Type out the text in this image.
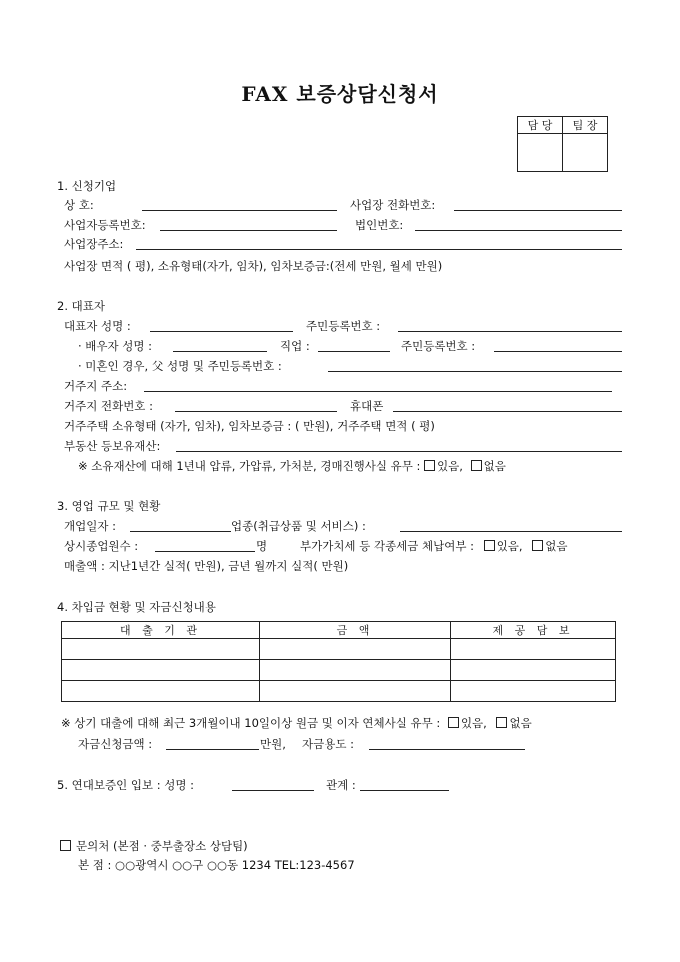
FAX 보증상담신청서
담 당	팀 장

1. 신청기업
상 호:	사업장 전화번호:
사업자등록번호:	법인번호:
사업장주소:
사업장 면적 ( 평), 소유형태(자가, 임차), 임차보증금:(전세 만원, 월세 만원)
2. 대표자
대표자 성명 :	주민등록번호 :
· 배우자 성명 :	직업 :	주민등록번호 :
· 미혼인 경우, 父 성명 및 주민등록번호 :
거주지 주소:
거주지 전화번호 :	휴대폰
거주주택 소유형태 (자가, 임차), 임차보증금 : ( 만원), 거주주택 면적 ( 평)
부동산 등보유재산:
※ 소유재산에 대해 1년내 압류, 가압류, 가처분, 경매진행사실 유무 : 있음, 없음
3. 영업 규모 및 현황
개업일자 :	업종(취급상품 및 서비스) :
상시종업원수 :	명	부가가치세 등 각종세금 체납여부 : 있음, 없음
매출액 : 지난1년간 실적( 만원), 금년 월까지 실적( 만원)
4. 차입금 현황 및 자금신청내용
대 출 기 관	금 액	제 공 담 보

※ 상기 대출에 대해 최근 3개월이내 10일이상 원금 및 이자 연체사실 유무 : 있음, 없음
자금신청금액 :	만원, 자금용도 :
5. 연대보증인 입보 : 성명 :	관계 :
문의처 (본점 · 중부출장소 상담팀)
본 점 : ○○광역시 ○○구 ○○동 1234 TEL:123-4567
